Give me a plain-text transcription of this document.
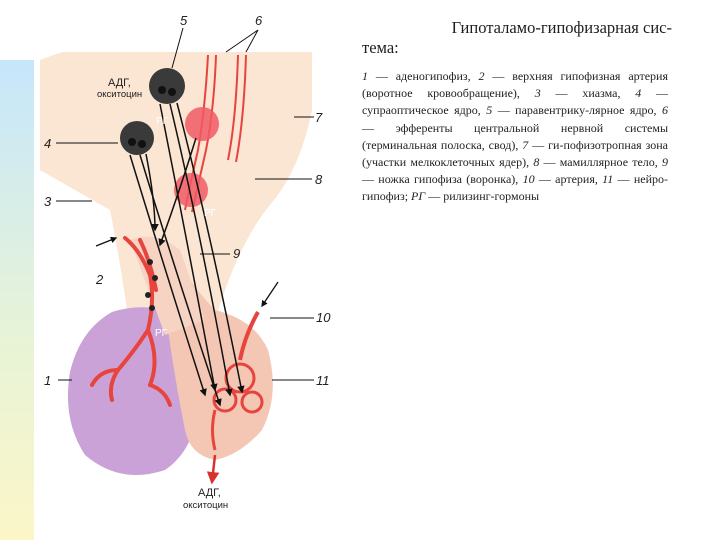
5	6
7
4
8
3
9
2
10
1	11
АДГ,
окситоцин
РГ
РГ
РГ
АДГ,
окситоцин
Гипоталамо-гипофизарная сис-
тема:

1 — аденогипофиз, 2 — верхняя гипофизная артерия (воротное кровообращение), 3 — хиазма, 4 — супраоптическое ядро, 5 — паравентрику-лярное ядро, 6 — эфференты центральной нервной системы (терминальная полоска, свод), 7 — ги-пофизотропная зона (участки мелкоклеточных ядер), 8 — мамиллярное тело, 9 — ножка гипофиза (воронка), 10 — артерия, 11 — нейро-гипофиз; РГ — рилизинг-гормоны
